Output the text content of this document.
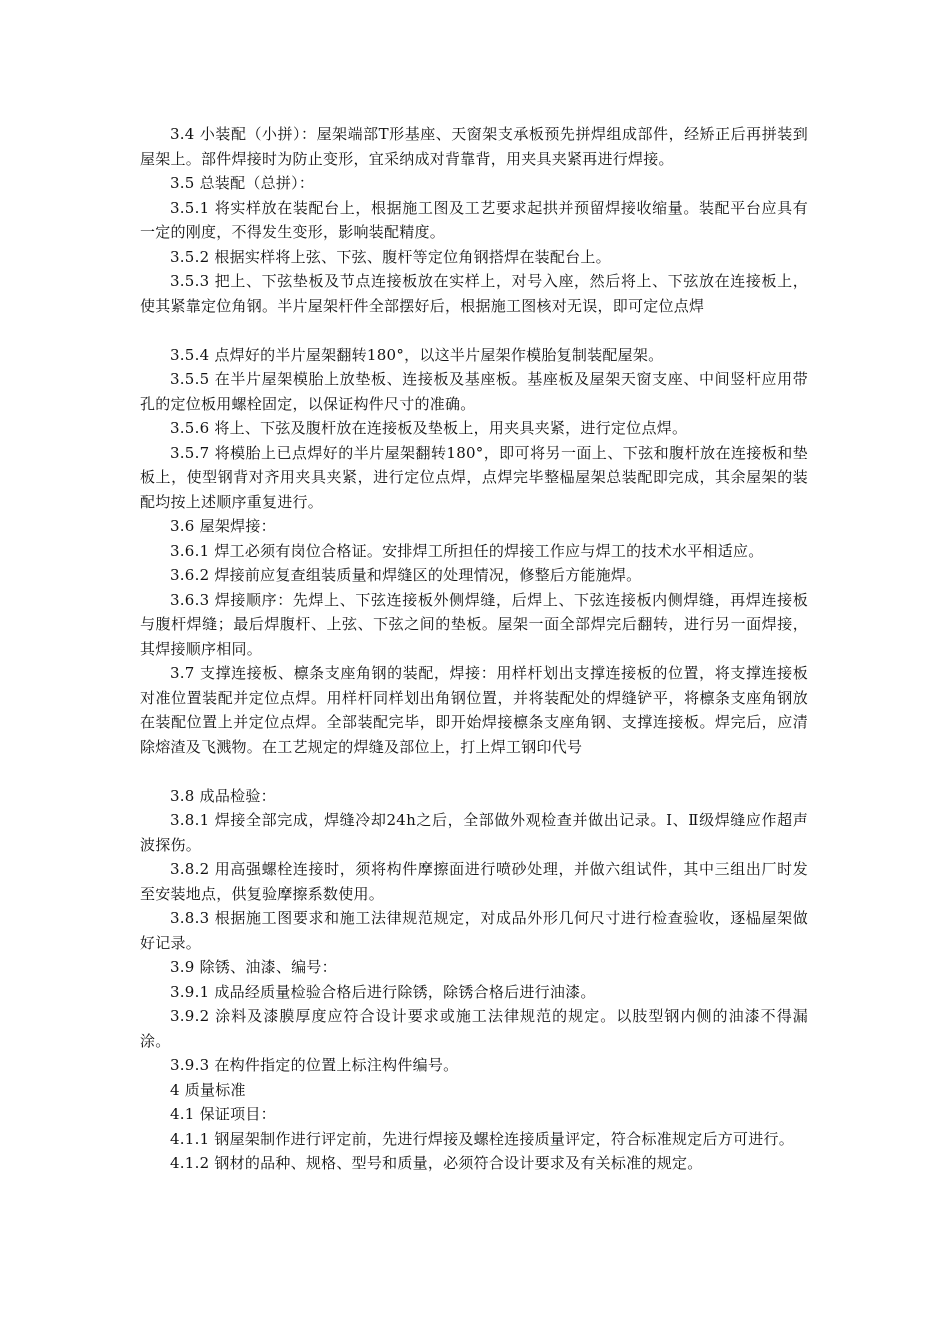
3.4 小装配（小拼）：屋架端部T形基座、天窗架支承板预先拼焊组成部件，经矫正后再拼装到屋架上。部件焊接时为防止变形，宜采纳成对背靠背，用夹具夹紧再进行焊接。

3.5 总装配（总拼）：

3.5.1 将实样放在装配台上，根据施工图及工艺要求起拱并预留焊接收缩量。装配平台应具有一定的刚度，不得发生变形，影响装配精度。

3.5.2 根据实样将上弦、下弦、腹杆等定位角钢搭焊在装配台上。

3.5.3 把上、下弦垫板及节点连接板放在实样上，对号入座，然后将上、下弦放在连接板上，使其紧靠定位角钢。半片屋架杆件全部摆好后，根据施工图核对无误，即可定位点焊

3.5.4 点焊好的半片屋架翻转180°，以这半片屋架作模胎复制装配屋架。

3.5.5 在半片屋架模胎上放垫板、连接板及基座板。基座板及屋架天窗支座、中间竖杆应用带孔的定位板用螺栓固定，以保证构件尺寸的准确。

3.5.6 将上、下弦及腹杆放在连接板及垫板上，用夹具夹紧，进行定位点焊。

3.5.7 将模胎上已点焊好的半片屋架翻转180°，即可将另一面上、下弦和腹杆放在连接板和垫板上，使型钢背对齐用夹具夹紧，进行定位点焊，点焊完毕整榀屋架总装配即完成，其余屋架的装配均按上述顺序重复进行。

3.6 屋架焊接：

3.6.1 焊工必须有岗位合格证。安排焊工所担任的焊接工作应与焊工的技术水平相适应。

3.6.2 焊接前应复查组装质量和焊缝区的处理情况，修整后方能施焊。

3.6.3 焊接顺序：先焊上、下弦连接板外侧焊缝，后焊上、下弦连接板内侧焊缝，再焊连接板与腹杆焊缝；最后焊腹杆、上弦、下弦之间的垫板。屋架一面全部焊完后翻转，进行另一面焊接，其焊接顺序相同。

3.7 支撑连接板、檩条支座角钢的装配，焊接：用样杆划出支撑连接板的位置，将支撑连接板对准位置装配并定位点焊。用样杆同样划出角钢位置，并将装配处的焊缝铲平，将檩条支座角钢放在装配位置上并定位点焊。全部装配完毕，即开始焊接檩条支座角钢、支撑连接板。焊完后，应清除熔渣及飞溅物。在工艺规定的焊缝及部位上，打上焊工钢印代号

3.8 成品检验：

3.8.1 焊接全部完成，焊缝冷却24h之后，全部做外观检查并做出记录。Ⅰ、Ⅱ级焊缝应作超声波探伤。

3.8.2 用高强螺栓连接时，须将构件摩擦面进行喷砂处理，并做六组试件，其中三组出厂时发至安装地点，供复验摩擦系数使用。

3.8.3 根据施工图要求和施工法律规范规定，对成品外形几何尺寸进行检查验收，逐榀屋架做好记录。

3.9 除锈、油漆、编号：

3.9.1 成品经质量检验合格后进行除锈，除锈合格后进行油漆。

3.9.2 涂料及漆膜厚度应符合设计要求或施工法律规范的规定。以肢型钢内侧的油漆不得漏涂。

3.9.3 在构件指定的位置上标注构件编号。

4 质量标准

4.1 保证项目：

4.1.1 钢屋架制作进行评定前，先进行焊接及螺栓连接质量评定，符合标准规定后方可进行。

4.1.2 钢材的品种、规格、型号和质量，必须符合设计要求及有关标准的规定。
